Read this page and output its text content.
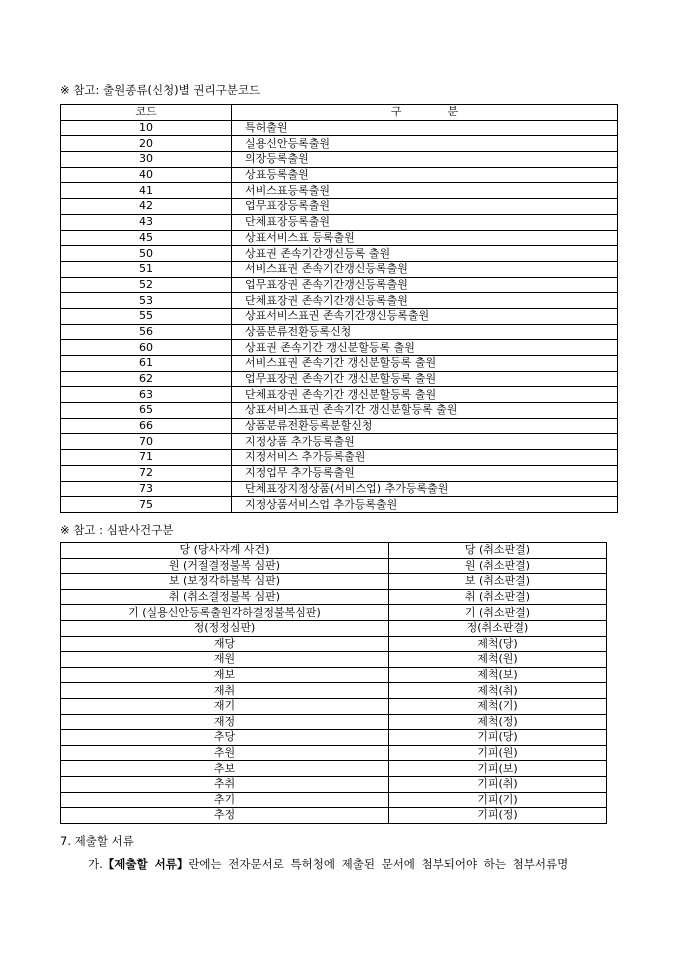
※ 참고: 출원종류(신청)별 권리구분코드
코드	구분
10	특허출원
20	실용신안등록출원
30	의장등록출원
40	상표등록출원
41	서비스표등록출원
42	업무표장등록출원
43	단체표장등록출원
45	상표서비스표 등록출원
50	상표권 존속기간갱신등록 출원
51	서비스표권 존속기간갱신등록출원
52	업무표장권 존속기간갱신등록출원
53	단체표장권 존속기간갱신등록출원
55	상표서비스표권 존속기간갱신등록출원
56	상품분류전환등록신청
60	상표권 존속기간 갱신분할등록 출원
61	서비스표권 존속기간 갱신분할등록 출원
62	업무표장권 존속기간 갱신분할등록 출원
63	단체표장권 존속기간 갱신분할등록 출원
65	상표서비스표권 존속기간 갱신분할등록 출원
66	상품분류전환등록분할신청
70	지정상품 추가등록출원
71	지정서비스 추가등록출원
72	지정업무 추가등록출원
73	단체표장지정상품(서비스업) 추가등록출원
75	지정상품서비스업 추가등록출원
※ 참고 : 심판사건구분
당 (당사자계 사건)	당 (취소판결)
원 (거절결정불복 심판)	원 (취소판결)
보 (보정각하불복 심판)	보 (취소판결)
취 (취소결정불복 심판)	취 (취소판결)
기 (실용신안등록출원각하결정불복심판)	기 (취소판결)
정(정정심판)	정(취소판결)
재당	제척(당)
재원	제척(원)
재보	제척(보)
재취	제척(취)
재기	제척(기)
재정	제척(정)
추당	기피(당)
추원	기피(원)
추보	기피(보)
추취	기피(취)
추기	기피(기)
추정	기피(정)
7. 제출할 서류
가.【제출할 서류】란에는 전자문서로 특허청에 제출된 문서에 첨부되어야 하는 첨부서류명
